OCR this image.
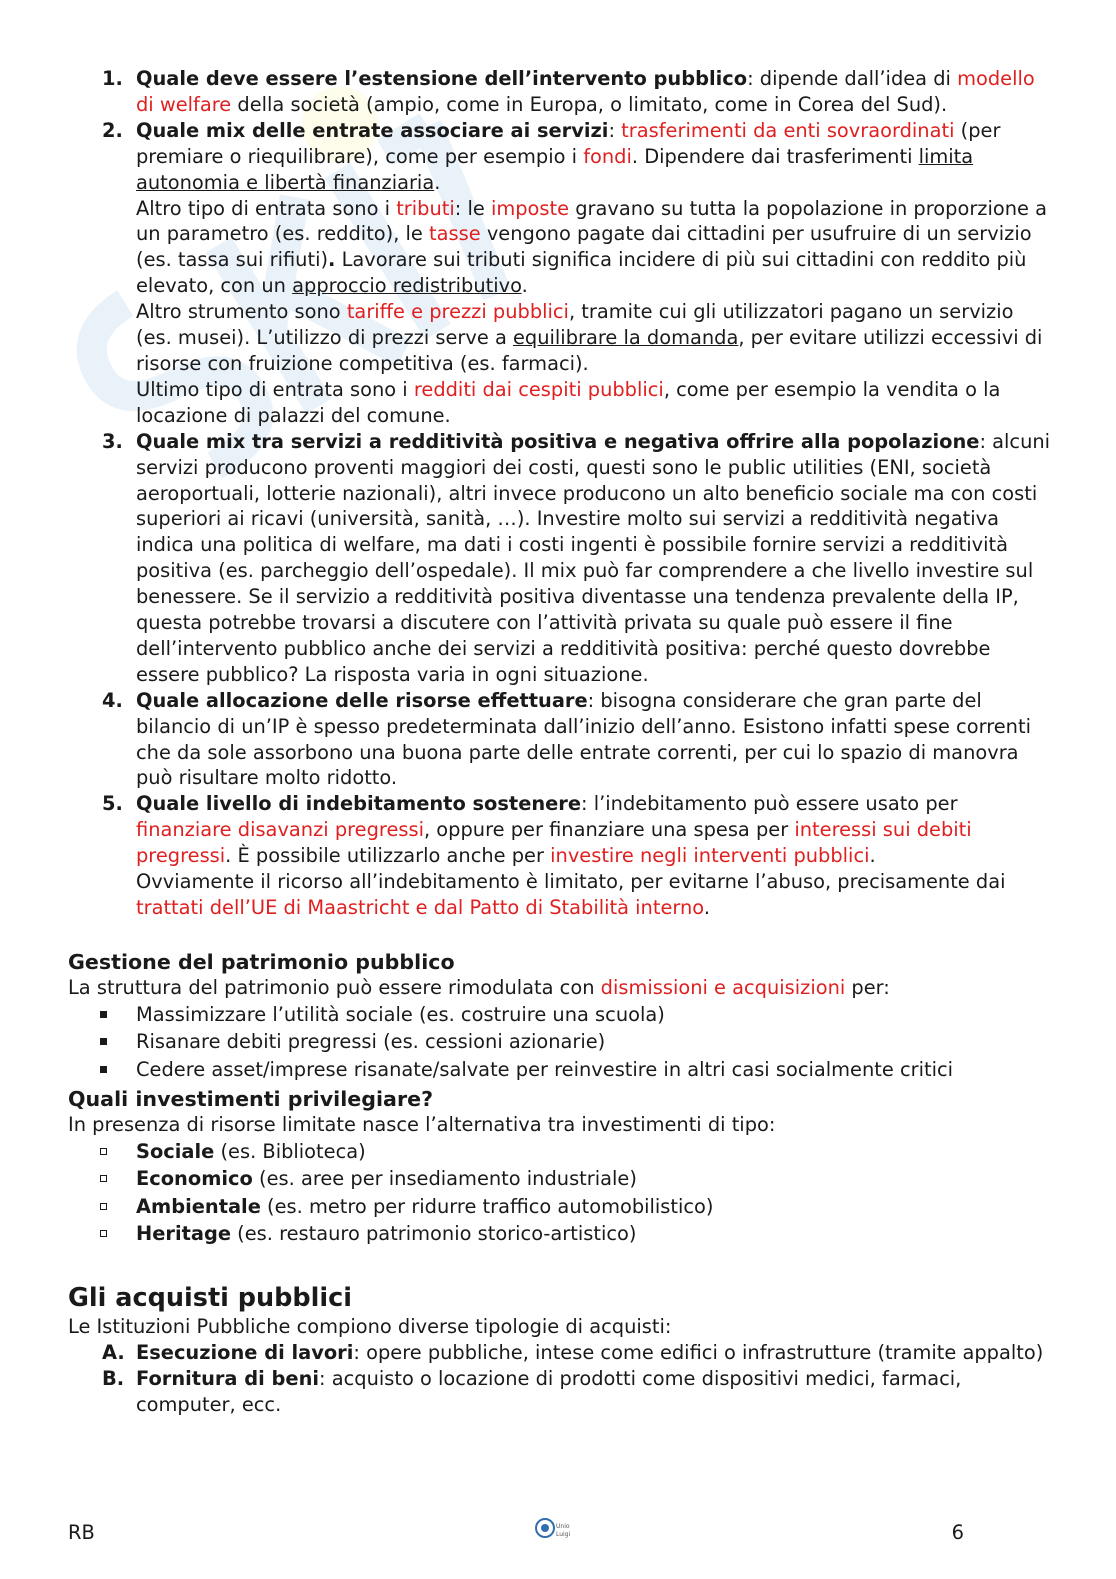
1. Quale deve essere l’estensione dell’intervento pubblico: dipende dall’idea di modello di welfare della società (ampio, come in Europa, o limitato, come in Corea del Sud).
2. Quale mix delle entrate associare ai servizi: trasferimenti da enti sovraordinati (per premiare o riequilibrare), come per esempio i fondi. Dipendere dai trasferimenti limita autonomia e libertà finanziaria.
Altro tipo di entrata sono i tributi: le imposte gravano su tutta la popolazione in proporzione a un parametro (es. reddito), le tasse vengono pagate dai cittadini per usufruire di un servizio (es. tassa sui rifiuti). Lavorare sui tributi significa incidere di più sui cittadini con reddito più elevato, con un approccio redistributivo.
Altro strumento sono tariffe e prezzi pubblici, tramite cui gli utilizzatori pagano un servizio (es. musei). L’utilizzo di prezzi serve a equilibrare la domanda, per evitare utilizzi eccessivi di risorse con fruizione competitiva (es. farmaci).
Ultimo tipo di entrata sono i redditi dai cespiti pubblici, come per esempio la vendita o la locazione di palazzi del comune.
3. Quale mix tra servizi a redditività positiva e negativa offrire alla popolazione: alcuni servizi producono proventi maggiori dei costi, questi sono le public utilities (ENI, società aeroportuali, lotterie nazionali), altri invece producono un alto beneficio sociale ma con costi superiori ai ricavi (università, sanità, …). Investire molto sui servizi a redditività negativa indica una politica di welfare, ma dati i costi ingenti è possibile fornire servizi a redditività positiva (es. parcheggio dell’ospedale). Il mix può far comprendere a che livello investire sul benessere. Se il servizio a redditività positiva diventasse una tendenza prevalente della IP, questa potrebbe trovarsi a discutere con l’attività privata su quale può essere il fine dell’intervento pubblico anche dei servizi a redditività positiva: perché questo dovrebbe essere pubblico? La risposta varia in ogni situazione.
4. Quale allocazione delle risorse effettuare: bisogna considerare che gran parte del bilancio di un’IP è spesso predeterminata dall’inizio dell’anno. Esistono infatti spese correnti che da sole assorbono una buona parte delle entrate correnti, per cui lo spazio di manovra può risultare molto ridotto.
5. Quale livello di indebitamento sostenere: l’indebitamento può essere usato per finanziare disavanzi pregressi, oppure per finanziare una spesa per interessi sui debiti pregressi. È possibile utilizzarlo anche per investire negli interventi pubblici.
Ovviamente il ricorso all’indebitamento è limitato, per evitarne l’abuso, precisamente dai trattati dell’UE di Maastricht e dal Patto di Stabilità interno.
Gestione del patrimonio pubblico
La struttura del patrimonio può essere rimodulata con dismissioni e acquisizioni per:
Massimizzare l’utilità sociale (es. costruire una scuola)
Risanare debiti pregressi (es. cessioni azionarie)
Cedere asset/imprese risanate/salvate per reinvestire in altri casi socialmente critici
Quali investimenti privilegiare?
In presenza di risorse limitate nasce l’alternativa tra investimenti di tipo:
Sociale (es. Biblioteca)
Economico (es. aree per insediamento industriale)
Ambientale (es. metro per ridurre traffico automobilistico)
Heritage (es. restauro patrimonio storico-artistico)
Gli acquisti pubblici
Le Istituzioni Pubbliche compiono diverse tipologie di acquisti:
A. Esecuzione di lavori: opere pubbliche, intese come edifici o infrastrutture (tramite appalto)
B. Fornitura di beni: acquisto o locazione di prodotti come dispositivi medici, farmaci, computer, ecc.
RB	Unio
Luigi	6
